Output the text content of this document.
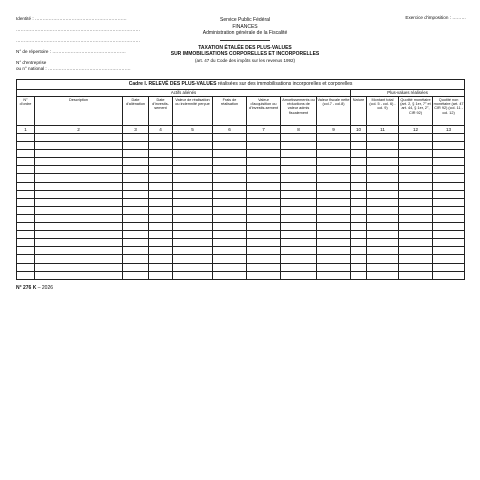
Identité : ……………………………………………………
………………………………………………………………………
………………………………………………………………………
N° de répertoire : …………………………………………
N° d'entreprise
ou n° national : ………………………………………………
Service Public Fédéral
FINANCES
Administration générale de la Fiscalité
TAXATION ÉTALÉE DES PLUS-VALUES
SUR IMMOBILISATIONS CORPORELLES ET INCORPORELLES
(art. 47 du Code des impôts sur les revenus 1992)
Exercice d'imposition : ………
Cadre I. RELEVÉ DES PLUS-VALUES réalisées sur des immobilisations incorporelles et corporelles												
Actifs aliénés									Plus-values réalisées			
N° d'ordre	Description	Date d'aliénation	Date d'investis-sement	Valeur de réalisation ou indemnité perçue	Frais de réalisation	Valeur d'acquisition ou d'investis-sement	Amortissements ou réductions de valeur admis fiscalement	Valeur fiscale nette (col.7 - col.8)	Nature	Montant total (col. 5 - col. 6) - col. 9)	Quotité monétaire (art. 2, § 1er, 7° et art. 44, § 1er, 2°, CIR 92)	Quotité non monétaire (art. 47 CIR 92) (col. 11 - col. 12)
1	2	3	4	5	6	7	8	9	10	11	12	13

N° 276 K – 2026
